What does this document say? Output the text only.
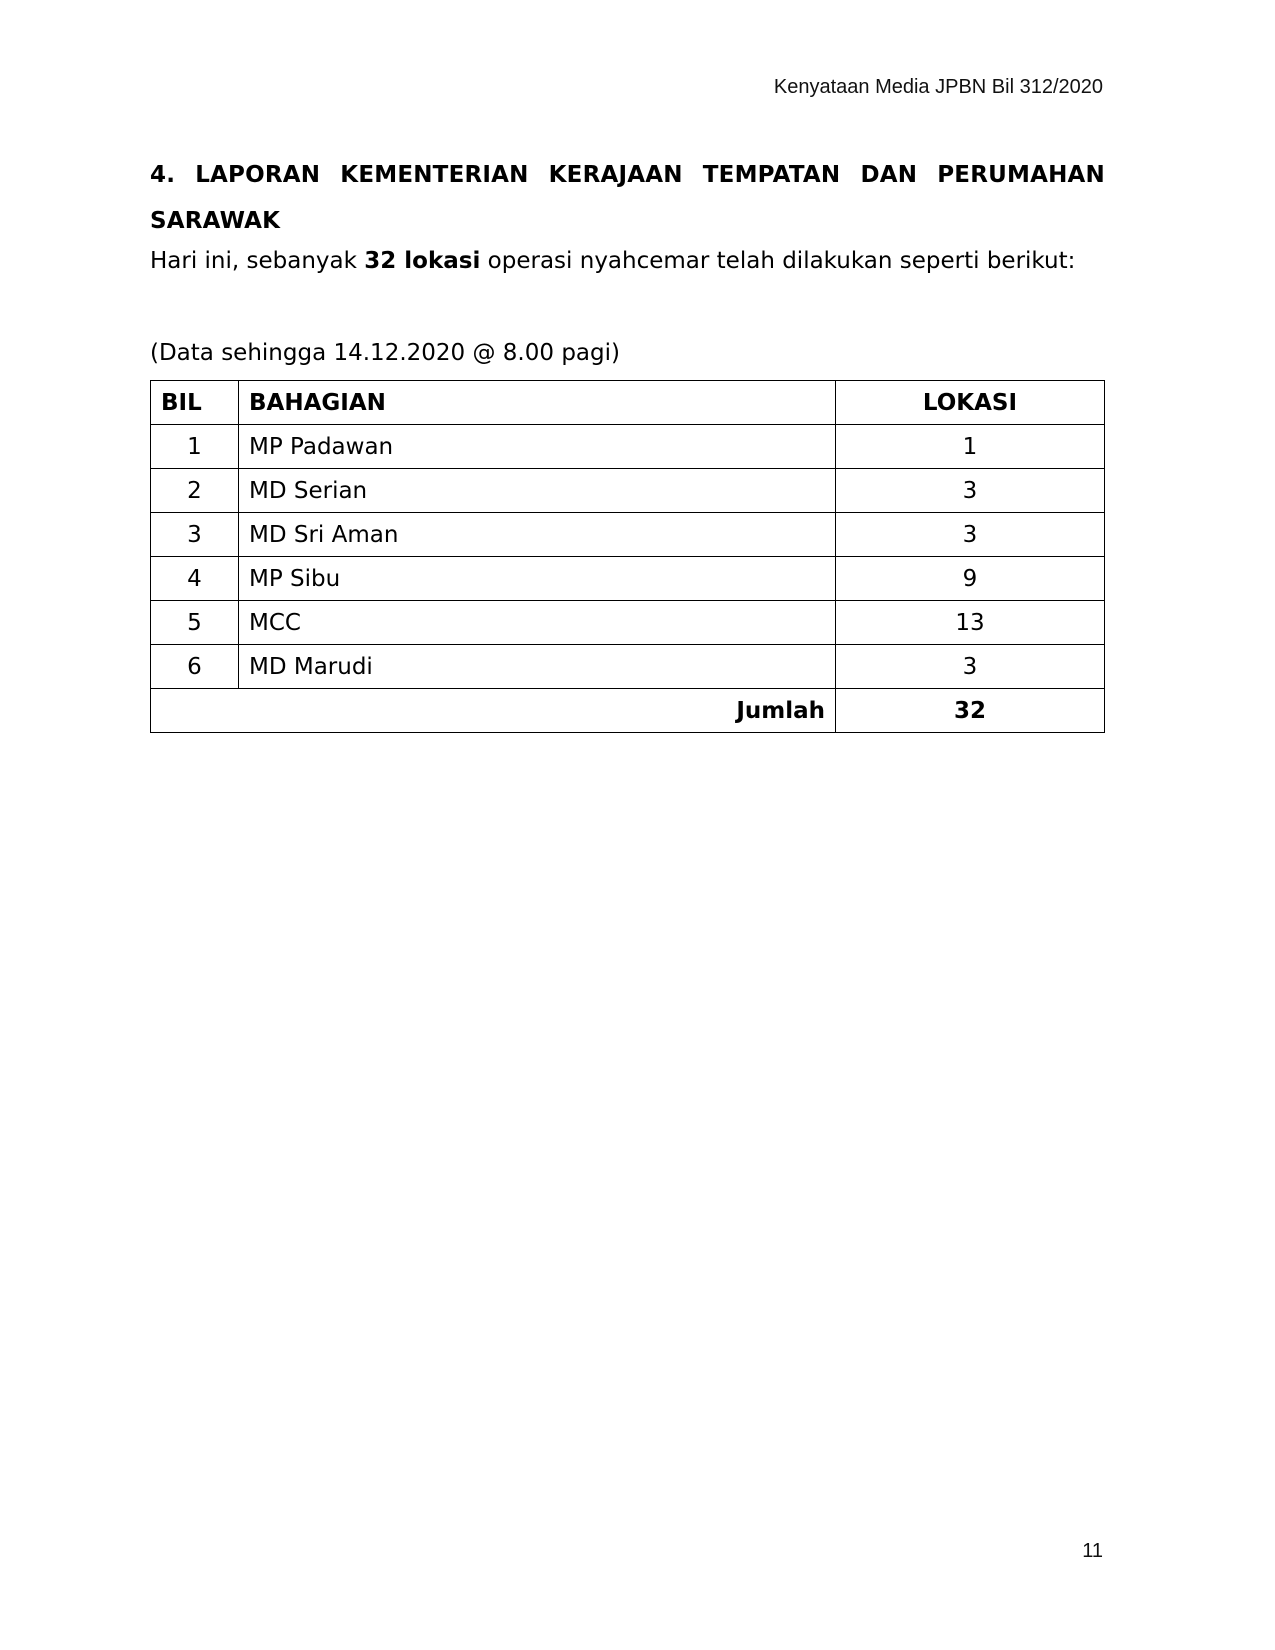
Kenyataan Media JPBN Bil 312/2020
4. LAPORAN KEMENTERIAN KERAJAAN TEMPATAN DAN PERUMAHAN SARAWAK
Hari ini, sebanyak 32 lokasi operasi nyahcemar telah dilakukan seperti berikut:
(Data sehingga 14.12.2020 @ 8.00 pagi)
BIL	BAHAGIAN	LOKASI
1	MP Padawan	1
2	MD Serian	3
3	MD Sri Aman	3
4	MP Sibu	9
5	MCC	13
6	MD Marudi	3
Jumlah		32
11
